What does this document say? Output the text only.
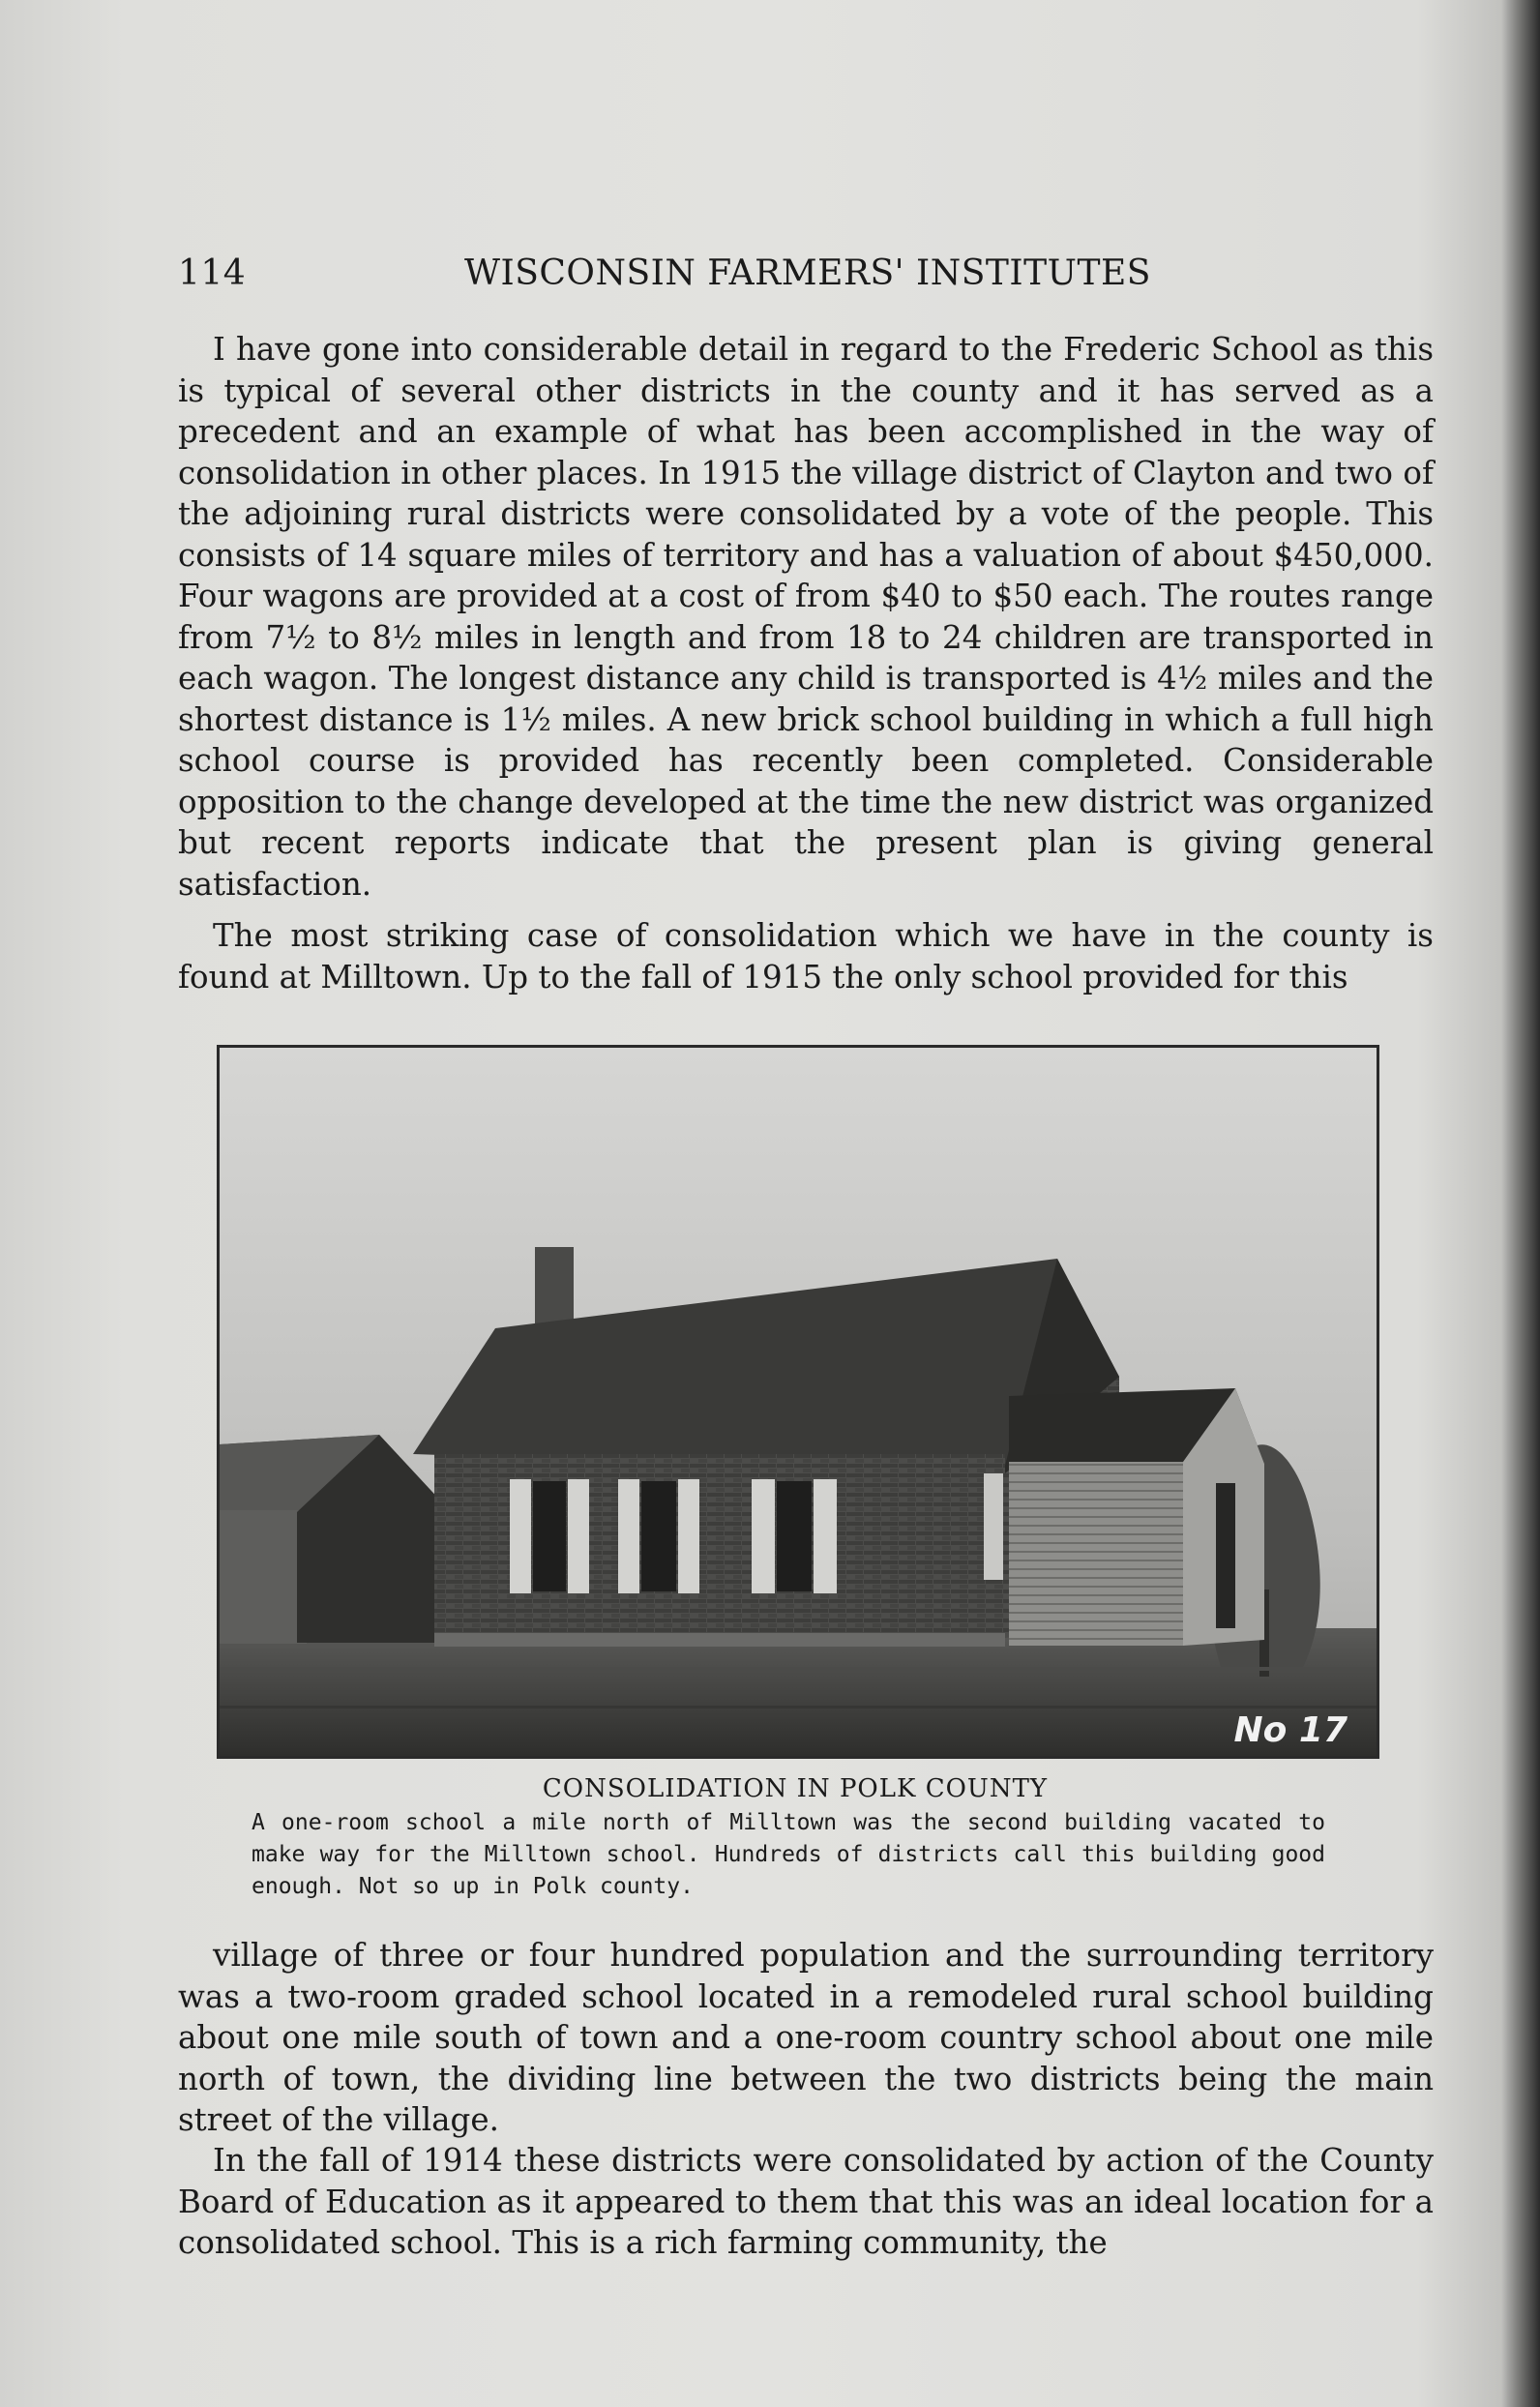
114	WISCONSIN FARMERS' INSTITUTES

I have gone into considerable detail in regard to the Frederic School as this is typical of several other districts in the county and it has served as a precedent and an example of what has been accomplished in the way of consolidation in other places. In 1915 the village district of Clayton and two of the adjoining rural districts were consolidated by a vote of the people. This consists of 14 square miles of territory and has a valuation of about $450,000. Four wagons are provided at a cost of from $40 to $50 each. The routes range from 7½ to 8½ miles in length and from 18 to 24 children are transported in each wagon. The longest distance any child is transported is 4½ miles and the shortest distance is 1½ miles. A new brick school building in which a full high school course is provided has recently been completed. Considerable opposition to the change developed at the time the new district was organized but recent reports indicate that the present plan is giving general satisfaction.

The most striking case of consolidation which we have in the county is found at Milltown. Up to the fall of 1915 the only school provided for this

No 17
CONSOLIDATION IN POLK COUNTY
A one-room school a mile north of Milltown was the second building vacated to make way for the Milltown school. Hundreds of districts call this building good enough. Not so up in Polk county.

village of three or four hundred population and the surrounding territory was a two-room graded school located in a remodeled rural school building about one mile south of town and a one-room country school about one mile north of town, the dividing line between the two districts being the main street of the village.

In the fall of 1914 these districts were consolidated by action of the County Board of Education as it appeared to them that this was an ideal location for a consolidated school. This is a rich farming community, the
